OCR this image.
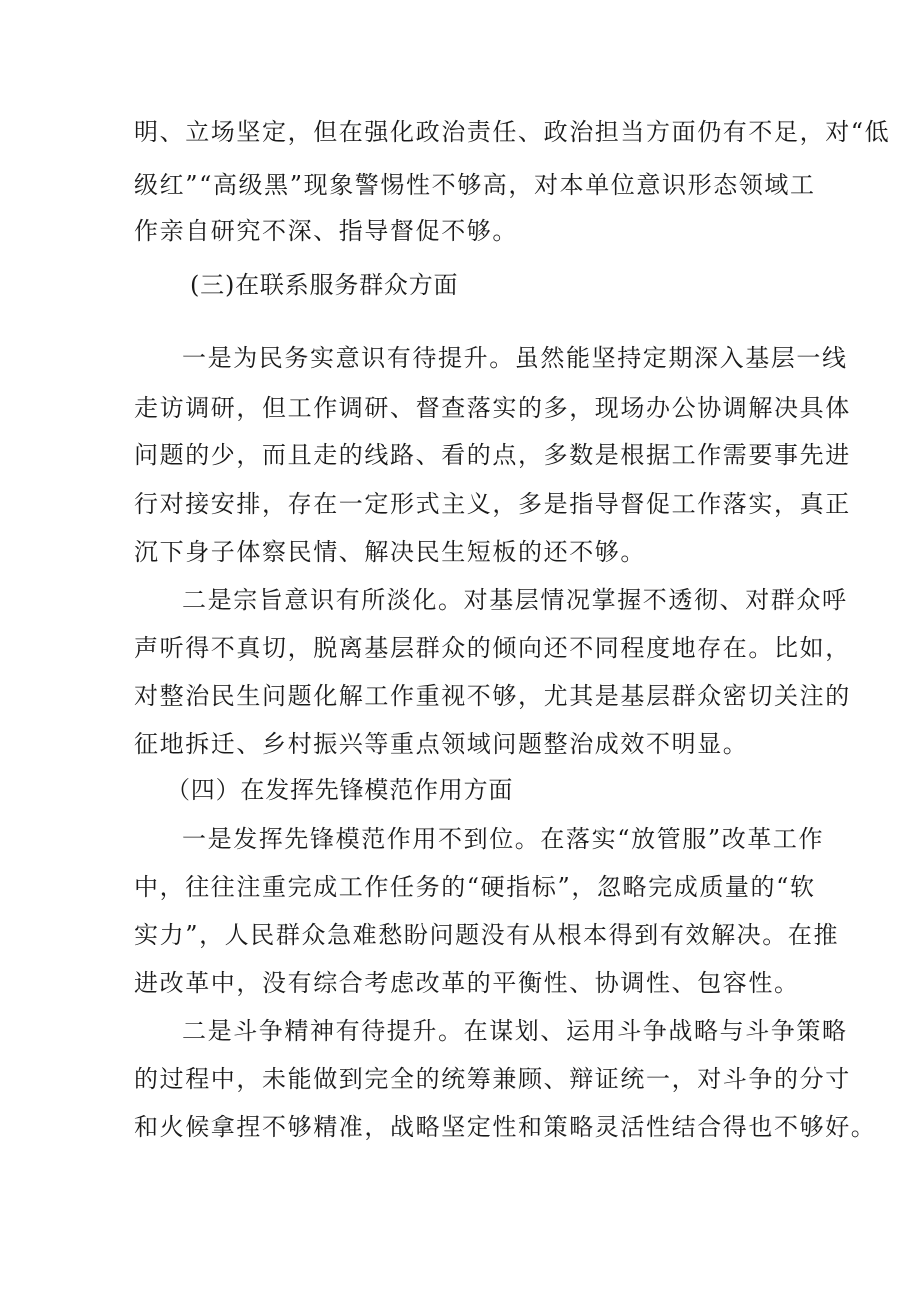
明、立场坚定，但在强化政治责任、政治担当方面仍有不足，对“低
级红”“高级黑”现象警惕性不够高，对本单位意识形态领域工
作亲自研究不深、指导督促不够。
(三)在联系服务群众方面
一是为民务实意识有待提升。虽然能坚持定期深入基层一线
走访调研，但工作调研、督查落实的多，现场办公协调解决具体
问题的少，而且走的线路、看的点，多数是根据工作需要事先进
行对接安排，存在一定形式主义，多是指导督促工作落实，真正
沉下身子体察民情、解决民生短板的还不够。
二是宗旨意识有所淡化。对基层情况掌握不透彻、对群众呼
声听得不真切，脱离基层群众的倾向还不同程度地存在。比如，
对整治民生问题化解工作重视不够，尤其是基层群众密切关注的
征地拆迁、乡村振兴等重点领域问题整治成效不明显。
（四）在发挥先锋模范作用方面
一是发挥先锋模范作用不到位。在落实“放管服”改革工作
中，往往注重完成工作任务的“硬指标”，忽略完成质量的“软
实力”，人民群众急难愁盼问题没有从根本得到有效解决。在推
进改革中，没有综合考虑改革的平衡性、协调性、包容性。
二是斗争精神有待提升。在谋划、运用斗争战略与斗争策略
的过程中，未能做到完全的统筹兼顾、辩证统一，对斗争的分寸
和火候拿捏不够精准，战略坚定性和策略灵活性结合得也不够好。
